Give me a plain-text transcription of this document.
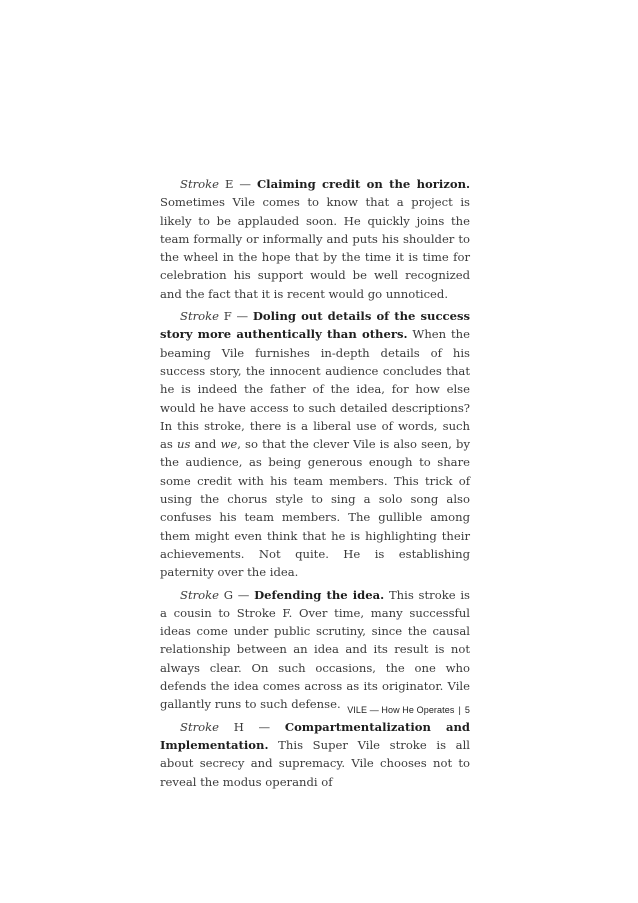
Stroke E — Claiming credit on the horizon. Sometimes Vile comes to know that a project is likely to be applauded soon. He quickly joins the team formally or informally and puts his shoulder to the wheel in the hope that by the time it is time for celebration his support would be well recognized and the fact that it is recent would go unnoticed.

Stroke F — Doling out details of the success story more authentically than others. When the beaming Vile furnishes in-depth details of his success story, the innocent audience concludes that he is indeed the father of the idea, for how else would he have access to such detailed descriptions? In this stroke, there is a liberal use of words, such as us and we, so that the clever Vile is also seen, by the audience, as being generous enough to share some credit with his team members. This trick of using the chorus style to sing a solo song also confuses his team members. The gullible among them might even think that he is highlighting their achievements. Not quite. He is establishing paternity over the idea.

Stroke G — Defending the idea. This stroke is a cousin to Stroke F. Over time, many successful ideas come under public scrutiny, since the causal relationship between an idea and its result is not always clear. On such occasions, the one who defends the idea comes across as its originator. Vile gallantly runs to such defense.

Stroke H — Compartmentalization and Implementation. This Super Vile stroke is all about secrecy and supremacy. Vile chooses not to reveal the modus operandi of

VILE — How He Operates | 5
